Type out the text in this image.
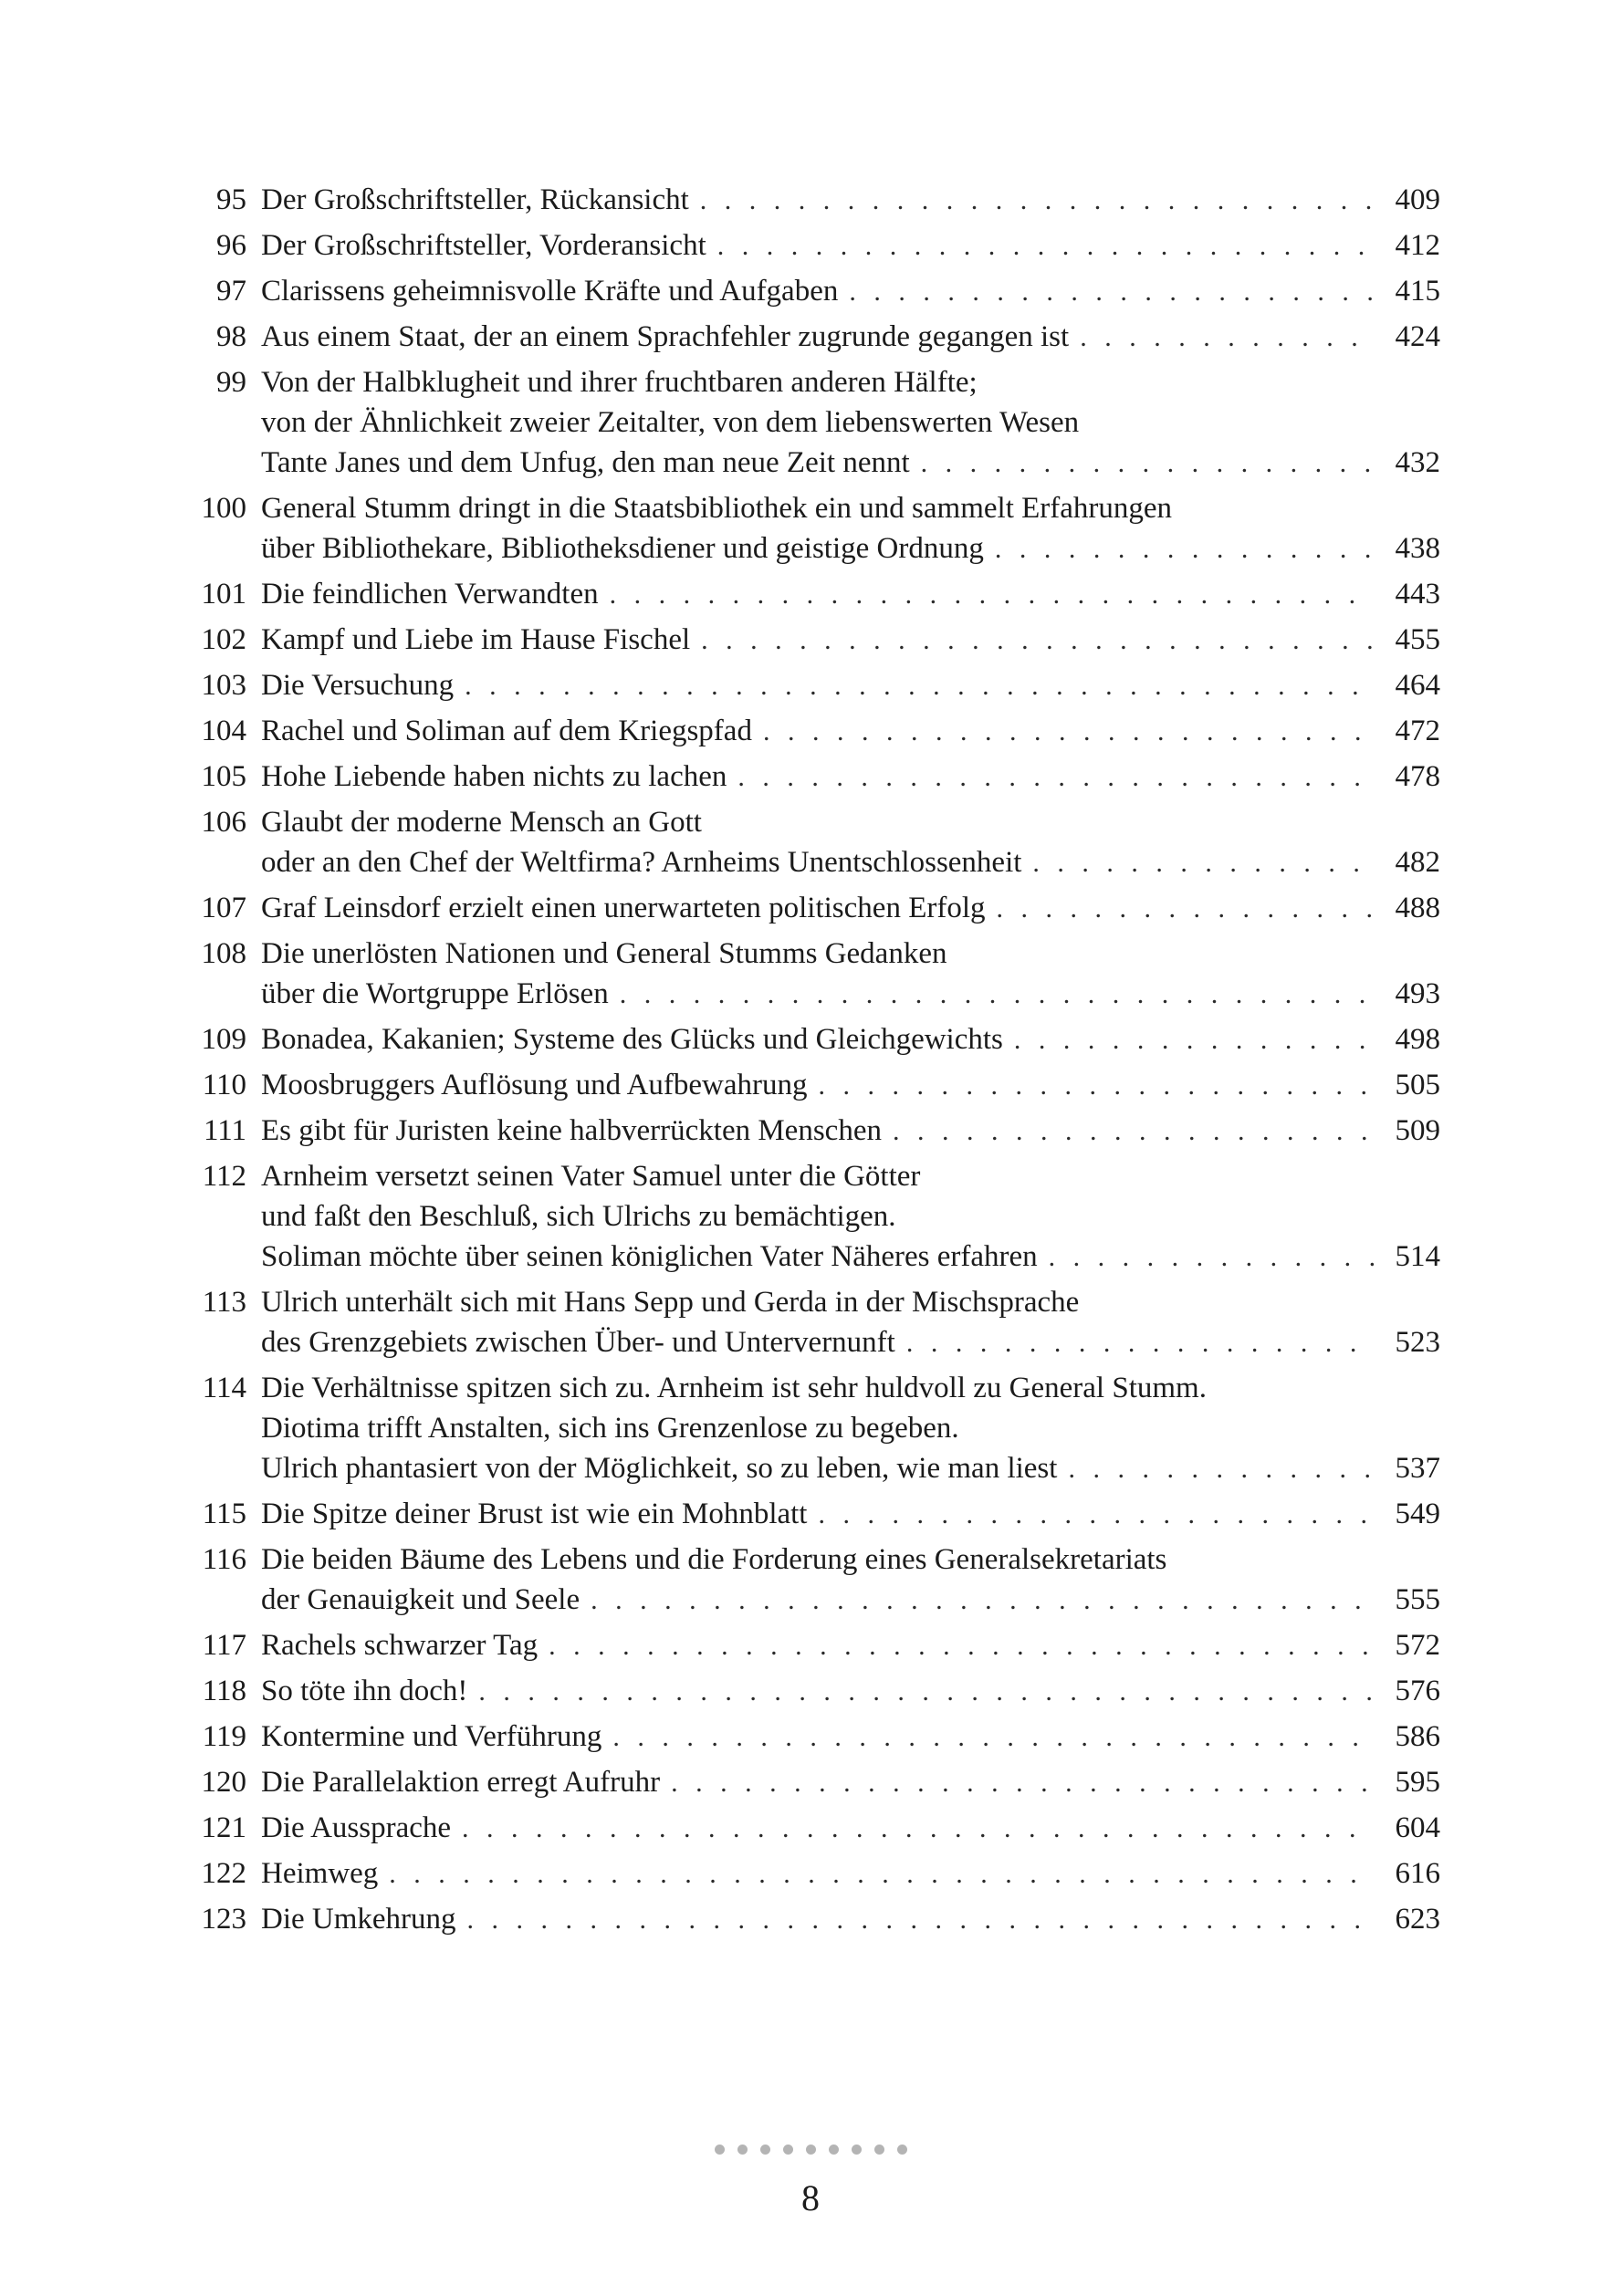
95 Der Großschriftsteller, Rückansicht . . .	409
96 Der Großschriftsteller, Vorderansicht . . .	412
97 Clarissens geheimnisvolle Kräfte und Aufgaben . . .	415
98 Aus einem Staat, der an einem Sprachfehler zugrunde gegangen ist . . .	424
99 Von der Halbklugheit und ihrer fruchtbaren anderen Hälfte;
von der Ähnlichkeit zweier Zeitalter, von dem liebenswerten Wesen
Tante Janes und dem Unfug, den man neue Zeit nennt . . .	432
100 General Stumm dringt in die Staatsbibliothek ein und sammelt Erfahrungen
über Bibliothekare, Bibliotheksdiener und geistige Ordnung . . .	438
101 Die feindlichen Verwandten . . .	443
102 Kampf und Liebe im Hause Fischel . . .	455
103 Die Versuchung . . .	464
104 Rachel und Soliman auf dem Kriegspfad . . .	472
105 Hohe Liebende haben nichts zu lachen . . .	478
106 Glaubt der moderne Mensch an Gott
oder an den Chef der Weltfirma? Arnheims Unentschlossenheit . . .	482
107 Graf Leinsdorf erzielt einen unerwarteten politischen Erfolg . . .	488
108 Die unerlösten Nationen und General Stumms Gedanken
über die Wortgruppe Erlösen . . .	493
109 Bonadea, Kakanien; Systeme des Glücks und Gleichgewichts . . .	498
110 Moosbruggers Auflösung und Aufbewahrung . . .	505
111 Es gibt für Juristen keine halbverrückten Menschen . . .	509
112 Arnheim versetzt seinen Vater Samuel unter die Götter
und faßt den Beschluß, sich Ulrichs zu bemächtigen.
Soliman möchte über seinen königlichen Vater Näheres erfahren . . .	514
113 Ulrich unterhält sich mit Hans Sepp und Gerda in der Mischsprache
des Grenzgebiets zwischen Über- und Untervernunft . . .	523
114 Die Verhältnisse spitzen sich zu. Arnheim ist sehr huldvoll zu General Stumm.
Diotima trifft Anstalten, sich ins Grenzenlose zu begeben.
Ulrich phantasiert von der Möglichkeit, so zu leben, wie man liest . . .	537
115 Die Spitze deiner Brust ist wie ein Mohnblatt . . .	549
116 Die beiden Bäume des Lebens und die Forderung eines Generalsekretariats
der Genauigkeit und Seele . . .	555
117 Rachels schwarzer Tag . . .	572
118 So töte ihn doch! . . .	576
119 Kontermine und Verführung . . .	586
120 Die Parallelaktion erregt Aufruhr . . .	595
121 Die Aussprache . . .	604
122 Heimweg . . .	616
123 Die Umkehrung . . .	623
8
